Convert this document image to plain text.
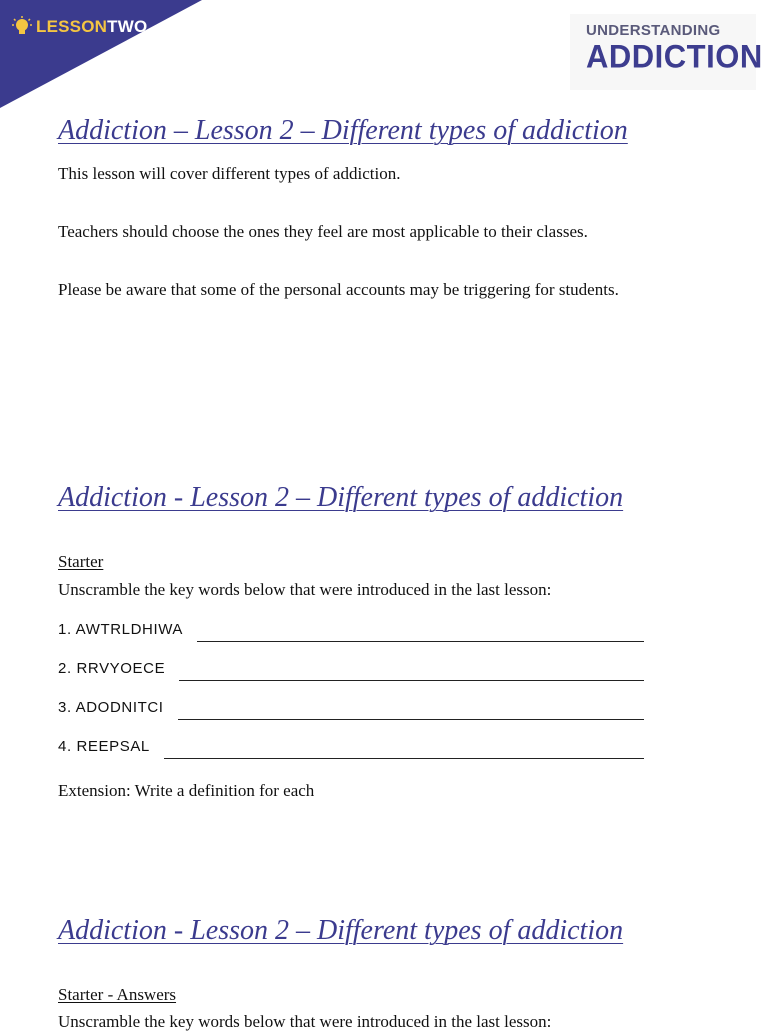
LESSONTWO	UNDERSTANDING
ADDICTION
Addiction – Lesson 2 – Different types of addiction
This lesson will cover different types of addiction.
Teachers should choose the ones they feel are most applicable to their classes.
Please be aware that some of the personal accounts may be triggering for students.
Addiction - Lesson 2 – Different types of addiction
Starter
Unscramble the key words below that were introduced in the last lesson:
1. AWTRLDHIWA
2. RRVYOECE
3. ADODNITCI
4. REEPSAL
Extension: Write a definition for each
Addiction - Lesson 2 – Different types of addiction
Starter - Answers
Unscramble the key words below that were introduced in the last lesson:
